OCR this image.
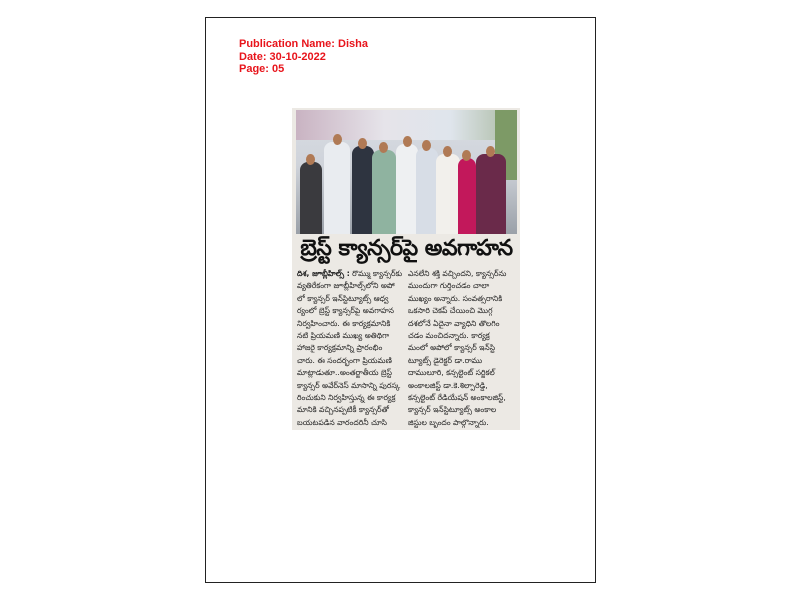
Publication Name: Disha
Date: 30-10-2022
Page: 05
బ్రెస్ట్ క్యాన్సర్‌పై అవగాహన
దిశ, జూబ్లీహిల్స్ : రొమ్ము క్యాన్సర్‌కు
వ్యతిరేకంగా జూబ్లీహిల్స్‌లోని అపో
లో క్యాన్సర్ ఇన్‌స్టిట్యూట్స్ ఆధ్వ
ర్యంలో బ్రెస్ట్ క్యాన్సర్‌పై అవగాహన
నిర్వహించారు. ఈ కార్యక్రమానికి
నటి ప్రియమణి ముఖ్య అతిథిగా
హాజరై కార్యక్రమాన్ని ప్రారంభిం
చారు. ఈ సందర్భంగా ప్రియమణి
మాట్లాడుతూ..అంతర్జాతీయ బ్రెస్ట్
క్యాన్సర్ అవేర్‌నెస్ మాసాన్ని పురస్క
రించుకుని నిర్వహిస్తున్న ఈ కార్యక్ర
మానికి వచ్చినప్పటికీ క్యాన్సర్‌తో
బయటపడిన వారందరినీ చూసి
ఎనలేని శక్తి వచ్చిందని, క్యాన్సర్‌ను
ముందుగా గుర్తించడం చాలా
ముఖ్యం అన్నారు. సంవత్సరానికి
ఒకసారి చెకప్ చేయించి మొగ్గ
దశలోనే ఏదైనా వ్యాధిని తొలగిం
చడం మంచిదన్నారు. కార్యక్ర
మంలో అపోలో క్యాన్సర్ ఇన్‌స్టి
ట్యూట్స్ డైరెక్టర్ డా.రాము
దాములూరి, కన్సల్టెంట్ సర్జికల్
అంకాలజిస్ట్ డా.కె.శిల్పారెడ్డి,
కన్సల్టెంట్ రేడియేషన్ అంకాలజిస్ట్,
క్యాన్సర్ ఇన్‌స్టిట్యూట్స్ అంకాల
జిస్టుల బృందం పాల్గొన్నారు.
